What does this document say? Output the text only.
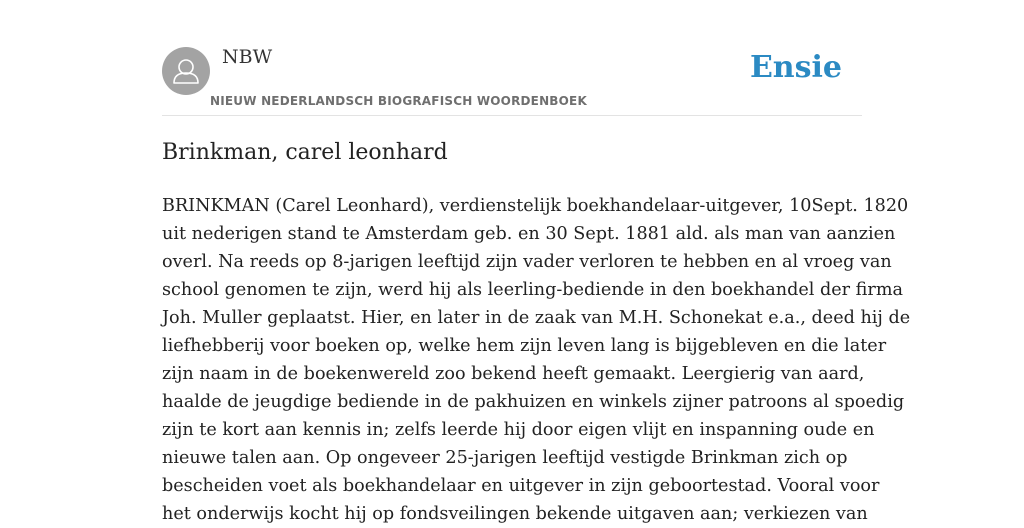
NBW
NIEUW NEDERLANDSCH BIOGRAFISCH WOORDENBOEK
Ensie
Brinkman, carel leonhard

BRINKMAN (Carel Leonhard), verdienstelijk boekhandelaar-uitgever, 10Sept. 1820
uit nederigen stand te Amsterdam geb. en 30 Sept. 1881 ald. als man van aanzien
overl. Na reeds op 8-jarigen leeftijd zijn vader verloren te hebben en al vroeg van
school genomen te zijn, werd hij als leerling-bediende in den boekhandel der firma
Joh. Muller geplaatst. Hier, en later in de zaak van M.H. Schonekat e.a., deed hij de
liefhebberij voor boeken op, welke hem zijn leven lang is bijgebleven en die later
zijn naam in de boekenwereld zoo bekend heeft gemaakt. Leergierig van aard,
haalde de jeugdige bediende in de pakhuizen en winkels zijner patroons al spoedig
zijn te kort aan kennis in; zelfs leerde hij door eigen vlijt en inspanning oude en
nieuwe talen aan. Op ongeveer 25-jarigen leeftijd vestigde Brinkman zich op
bescheiden voet als boekhandelaar en uitgever in zijn geboortestad. Vooral voor
het onderwijs kocht hij op fondsveilingen bekende uitgaven aan; verkiezen van
